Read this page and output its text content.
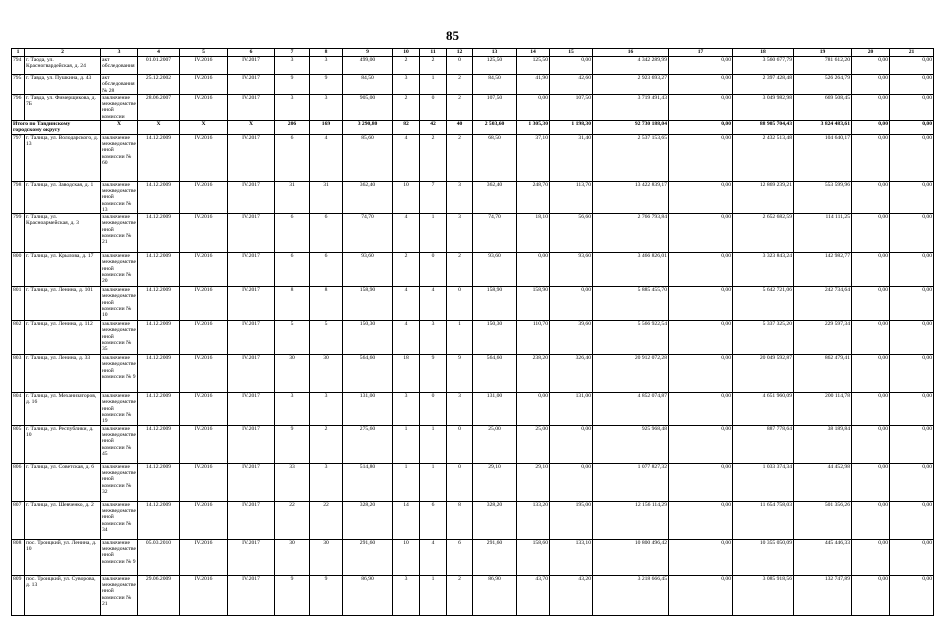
85
1	2	3	4	5	6	7	8	9	10	11	12	13	14	15	16	17	18	19	20	21
794	г. Таода, ул. Красногвардейская, д. 24	акт обследования	01.01.2007	IV.2016	IV.2017	3	3	499,00	2	2	0	125,50	125,50	0,00	4 342 289,99	0,00	3 560 677,79	781 612,20	0,00	0,00
795	г. Тавда, ул. Пушкина, д. 43	акт обследования № 28	25.12.2002	IV.2016	IV.2017	9	9	84,50	3	1	2	84,50	41,90	42,60	2 923 693,27	0,00	2 397 428,48	526 264,79	0,00	0,00
796	г. Тавда, ул. Фимерщикова, д. 7Б	заключение межведомственной комиссии	28.06.2007	IV.2016	IV.2017	3	3	905,00	2	0	2	107,50	0,00	107,50	3 719 491,43	0,00	3 049 982,98	669 508,45	0,00	0,00
Итого по Тавдинскому городскому округу		X	X	X	X	206	169	3 290,80	82	42	40	2 503,60	1 305,30	1 198,30	92 730 188,04	0,00	88 905 704,43	3 824 483,61	0,00	0,00
797	г. Талица, ул. Володарского, д. 13	заключение межведомственной комиссии № 60	14.12.2009	IV.2016	IV.2017	6	4	85,60	4	2	2	68,50	37,10	31,40	2 537 153,65	0,00	2 432 513,48	104 640,17	0,00	0,00
798	г. Талица, ул. Заводская, д. 1	заключение межведомственной комиссии № 13	14.12.2009	IV.2016	IV.2017	31	31	362,40	10	7	3	362,40	248,70	113,70	13 422 839,17	0,00	12 869 239,21	553 599,96	0,00	0,00
799	г. Талица, ул. Красноармейская, д. 3	заключение межведомственной комиссии № 21	14.12.2009	IV.2016	IV.2017	6	6	74,70	4	1	3	74,70	18,10	56,60	2 766 793,84	0,00	2 652 682,59	114 111,25	0,00	0,00
800	г. Талица, ул. Крылова, д. 17	заключение межведомственной комиссии № 20	14.12.2009	IV.2016	IV.2017	6	6	93,60	2	0	2	93,60	0,00	93,60	3 466 826,01	0,00	3 323 843,24	142 982,77	0,00	0,00
801	г. Талица, ул. Ленина, д. 101	заключение межведомственной комиссии № 10	14.12.2009	IV.2016	IV.2017	8	8	158,90	4	4	0	158,90	158,90	0,00	5 885 455,70	0,00	5 642 721,06	242 734,64	0,00	0,00
802	г. Талица, ул. Ленина, д. 112	заключение межведомственной комиссии № 35	14.12.2009	IV.2016	IV.2017	5	5	150,30	4	3	1	150,30	110,70	39,60	5 566 922,54	0,00	5 337 325,20	229 597,34	0,00	0,00
803	г. Талица, ул. Ленина, д. 33	заключение межведомственной комиссии № 9	14.12.2009	IV.2016	IV.2017	30	30	564,60	18	9	9	564,60	238,20	326,40	20 912 072,28	0,00	20 049 592,87	862 479,41	0,00	0,00
804	г. Талица, ул. Механизаторов, д. 16	заключение межведомственной комиссии № 19	14.12.2009	IV.2016	IV.2017	3	3	131,00	3	0	3	131,00	0,00	131,00	4 852 074,87	0,00	4 651 960,09	200 114,78	0,00	0,00
805	г. Талица, ул. Республики, д. 10	заключение межведомственной комиссии № 45	14.12.2009	IV.2016	IV.2017	9	2	275,60	1	1	0	25,00	25,00	0,00	925 968,48	0,00	887 778,64	38 189,84	0,00	0,00
806	г. Талица, ул. Советская, д. 6	заключение межведомственной комиссии № 32	14.12.2009	IV.2016	IV.2017	33	3	514,80	1	1	0	29,10	29,10	0,00	1 077 827,32	0,00	1 033 374,34	44 452,98	0,00	0,00
807	г. Талица, ул. Шевченко, д. 2	заключение межведомственной комиссии № 34	14.12.2009	IV.2016	IV.2017	22	22	328,20	14	6	8	328,20	133,20	195,00	12 156 114,29	0,00	11 654 758,03	501 356,26	0,00	0,00
808	пос. Троицкий, ул. Ленина, д. 10	заключение межведомственной комиссии № 9	05.03.2010	IV.2016	IV.2017	30	30	291,60	10	4	6	291,60	158,60	133,10	10 800 496,42	0,00	10 355 050,09	445 446,33	0,00	0,00
809	пос. Троицкий, ул. Суворова, д. 13	заключение межведомственной комиссии № 21	29.06.2009	IV.2016	IV.2017	9	9	86,90	3	1	2	86,90	43,70	43,20	3 218 666,45	0,00	3 085 918,56	132 747,89	0,00	0,00
